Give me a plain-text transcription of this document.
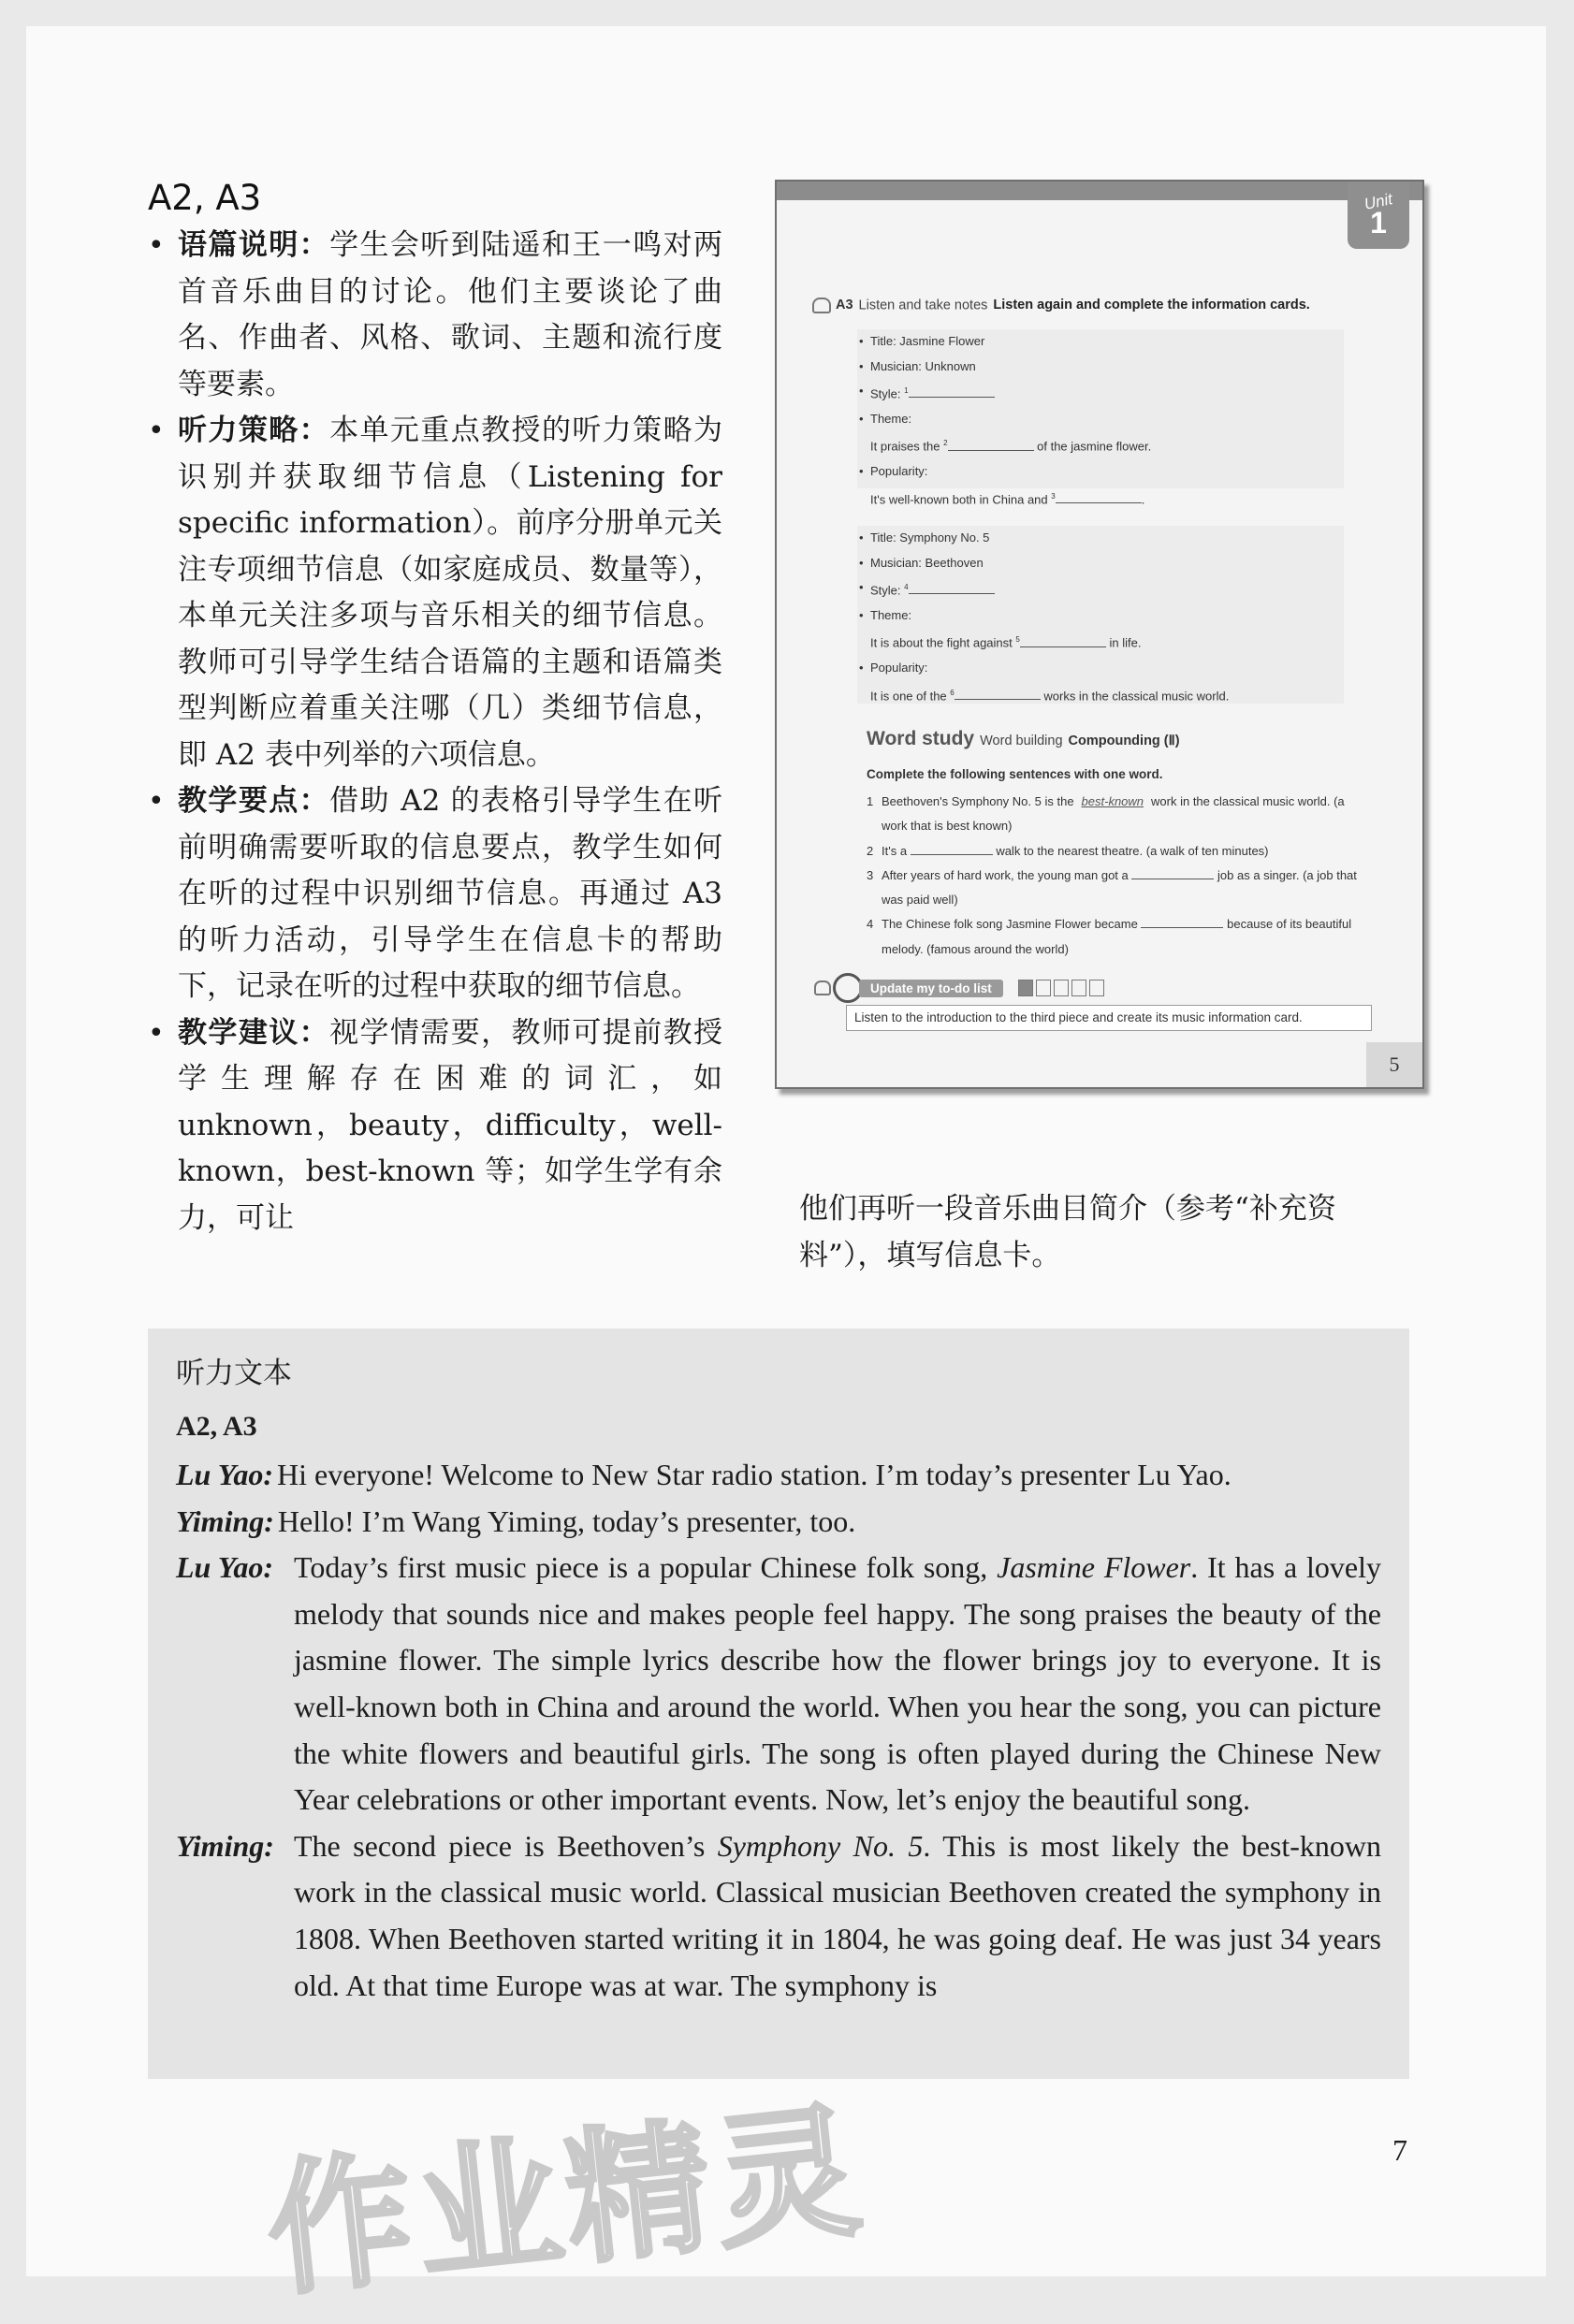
A2, A3
• 语篇说明：学生会听到陆遥和王一鸣对两首音乐曲目的讨论。他们主要谈论了曲名、作曲者、风格、歌词、主题和流行度等要素。
• 听力策略：本单元重点教授的听力策略为识别并获取细节信息（Listening for specific information）。前序分册单元关注专项细节信息（如家庭成员、数量等），本单元关注多项与音乐相关的细节信息。教师可引导学生结合语篇的主题和语篇类型判断应着重关注哪（几）类细节信息，即 A2 表中列举的六项信息。
• 教学要点：借助 A2 的表格引导学生在听前明确需要听取的信息要点，教学生如何在听的过程中识别细节信息。再通过 A3 的听力活动，引导学生在信息卡的帮助下，记录在听的过程中获取的细节信息。
• 教学建议：视学情需要，教师可提前教授学生理解存在困难的词汇，如 unknown，beauty，difficulty，well-known，best-known 等；如学生学有余力，可让
Unit
1
A3 Listen and take notes Listen again and complete the information cards.
• Title: Jasmine Flower
• Musician: Unknown
• Style: $^1$
• Theme:
It praises the $^2$	of the jasmine flower.
• Popularity:
It's well-known both in China and $^3$	.
• Title: Symphony No. 5
• Musician: Beethoven
• Style: $^4$
• Theme:
It is about the fight against $^5$	in life.
• Popularity:
It is one of the $^6$	works in the classical music world.
Word study Word building Compounding (Ⅱ)
Complete the following sentences with one word.
1 Beethoven's Symphony No. 5 is the best-known work in the classical music world. (a work that is best known)
2 It's a	walk to the nearest theatre. (a walk of ten minutes)
3 After years of hard work, the young man got a	job as a singer. (a job that was paid well)
4 The Chinese folk song Jasmine Flower became	because of its beautiful melody. (famous around the world)
Update my to-do list
Listen to the introduction to the third piece and create its music information card.
5
他们再听一段音乐曲目简介（参考“补充资料”），填写信息卡。
听力文本
A2, A3
Lu Yao: Hi everyone! Welcome to New Star radio station. I’m today’s presenter Lu Yao.
Yiming: Hello! I’m Wang Yiming, today’s presenter, too.
Lu Yao: Today’s first music piece is a popular Chinese folk song, Jasmine Flower. It has a lovely melody that sounds nice and makes people feel happy. The song praises the beauty of the jasmine flower. The simple lyrics describe how the flower brings joy to everyone. It is well-known both in China and around the world. When you hear the song, you can picture the white flowers and beautiful girls. The song is often played during the Chinese New Year celebrations or other important events. Now, let’s enjoy the beautiful song.
Yiming: The second piece is Beethoven’s Symphony No. 5. This is most likely the best-known work in the classical music world. Classical musician Beethoven created the symphony in 1808. When Beethoven started writing it in 1804, he was going deaf. He was just 34 years old. At that time Europe was at war. The symphony is
作业精灵	7
